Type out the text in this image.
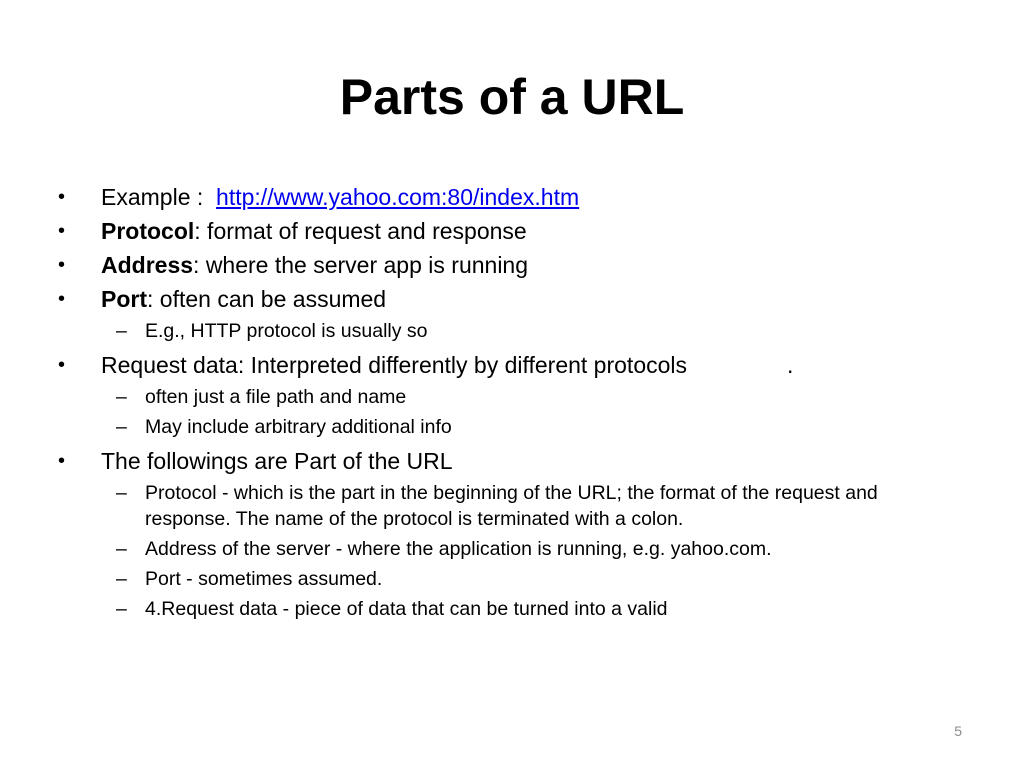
Parts of a URL
•	Example : http://www.yahoo.com:80/index.htm
•	Protocol: format of request and response
•	Address: where the server app is running
•	Port: often can be assumed
– E.g., HTTP protocol is usually so
•	Request data: Interpreted differently by different protocols	.
– often just a file path and name
– May include arbitrary additional info
•	The followings are Part of the URL
– Protocol - which is the part in the beginning of the URL; the format of the request and response. The name of the protocol is terminated with a colon.
– Address of the server - where the application is running, e.g. yahoo.com.
– Port - sometimes assumed.
– 4.Request data - piece of data that can be turned into a valid
5
